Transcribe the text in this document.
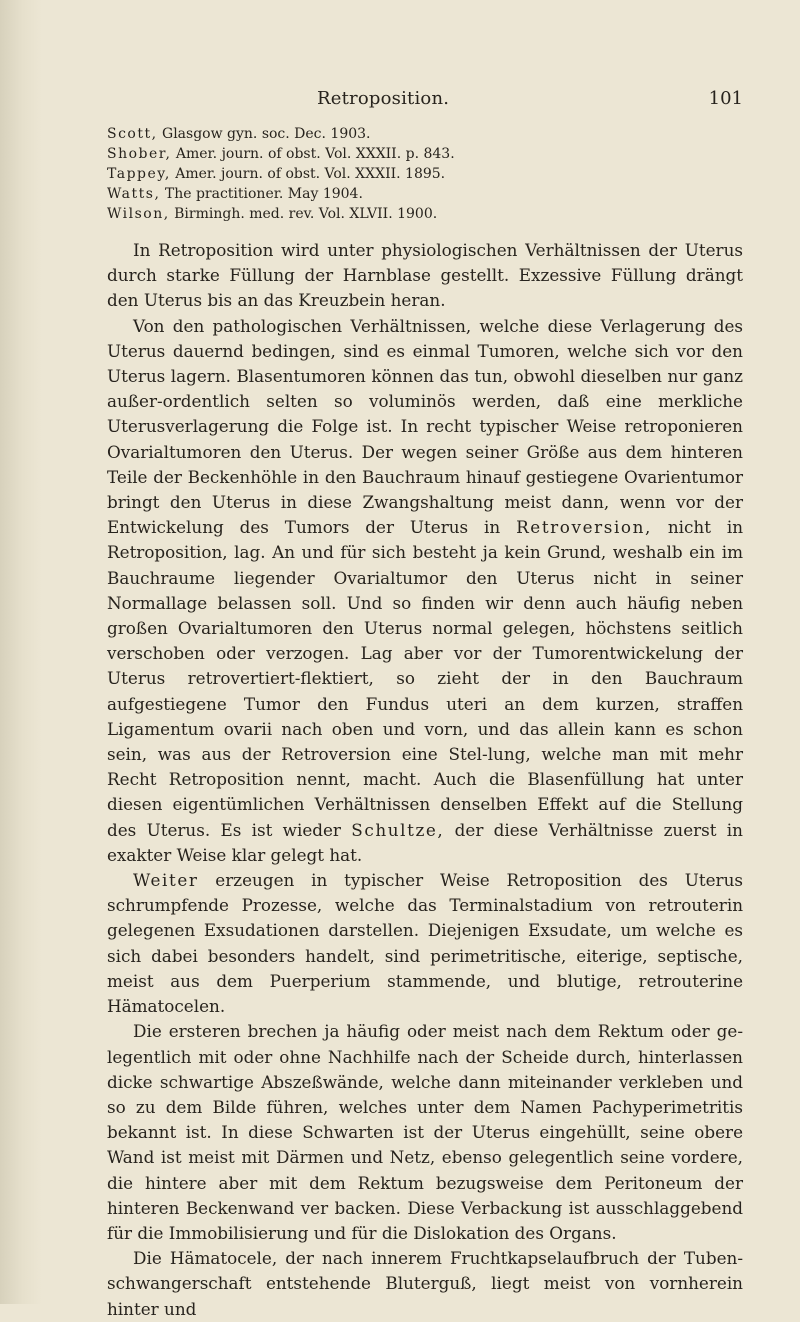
Retroposition.	101
Scott, Glasgow gyn. soc. Dec. 1903.
Shober, Amer. journ. of obst. Vol. XXXII. p. 843.
Tappey, Amer. journ. of obst. Vol. XXXII. 1895.
Watts, The practitioner. May 1904.
Wilson, Birmingh. med. rev. Vol. XLVII. 1900.

In Retroposition wird unter physiologischen Verhältnissen der Uterus durch starke Füllung der Harnblase gestellt. Exzessive Füllung drängt den Uterus bis an das Kreuzbein heran.

Von den pathologischen Verhältnissen, welche diese Verlagerung des Uterus dauernd bedingen, sind es einmal Tumoren, welche sich vor den Uterus lagern. Blasentumoren können das tun, obwohl dieselben nur ganz außer-ordentlich selten so voluminös werden, daß eine merkliche Uterusverlagerung die Folge ist. In recht typischer Weise retroponieren Ovarialtumoren den Uterus. Der wegen seiner Größe aus dem hinteren Teile der Beckenhöhle in den Bauchraum hinauf gestiegene Ovarientumor bringt den Uterus in diese Zwangshaltung meist dann, wenn vor der Entwickelung des Tumors der Uterus in Retroversion, nicht in Retroposition, lag. An und für sich besteht ja kein Grund, weshalb ein im Bauchraume liegender Ovarialtumor den Uterus nicht in seiner Normallage belassen soll. Und so finden wir denn auch häufig neben großen Ovarialtumoren den Uterus normal gelegen, höchstens seitlich verschoben oder verzogen. Lag aber vor der Tumorentwickelung der Uterus retrovertiert-flektiert, so zieht der in den Bauchraum aufgestiegene Tumor den Fundus uteri an dem kurzen, straffen Ligamentum ovarii nach oben und vorn, und das allein kann es schon sein, was aus der Retroversion eine Stel-lung, welche man mit mehr Recht Retroposition nennt, macht. Auch die Blasenfüllung hat unter diesen eigentümlichen Verhältnissen denselben Effekt auf die Stellung des Uterus. Es ist wieder Schultze, der diese Verhältnisse zuerst in exakter Weise klar gelegt hat.

Weiter erzeugen in typischer Weise Retroposition des Uterus schrumpfende Prozesse, welche das Terminalstadium von retrouterin gelegenen Exsudationen darstellen. Diejenigen Exsudate, um welche es sich dabei besonders handelt, sind perimetritische, eiterige, septische, meist aus dem Puerperium stammende, und blutige, retrouterine Hämatocelen.

Die ersteren brechen ja häufig oder meist nach dem Rektum oder ge-legentlich mit oder ohne Nachhilfe nach der Scheide durch, hinterlassen dicke schwartige Abszeßwände, welche dann miteinander verkleben und so zu dem Bilde führen, welches unter dem Namen Pachyperimetritis bekannt ist. In diese Schwarten ist der Uterus eingehüllt, seine obere Wand ist meist mit Därmen und Netz, ebenso gelegentlich seine vordere, die hintere aber mit dem Rektum bezugsweise dem Peritoneum der hinteren Beckenwand ver backen. Diese Verbackung ist ausschlaggebend für die Immobilisierung und für die Dislokation des Organs.

Die Hämatocele, der nach innerem Fruchtkapselaufbruch der Tuben-schwangerschaft entstehende Bluterguß, liegt meist von vornherein hinter und
